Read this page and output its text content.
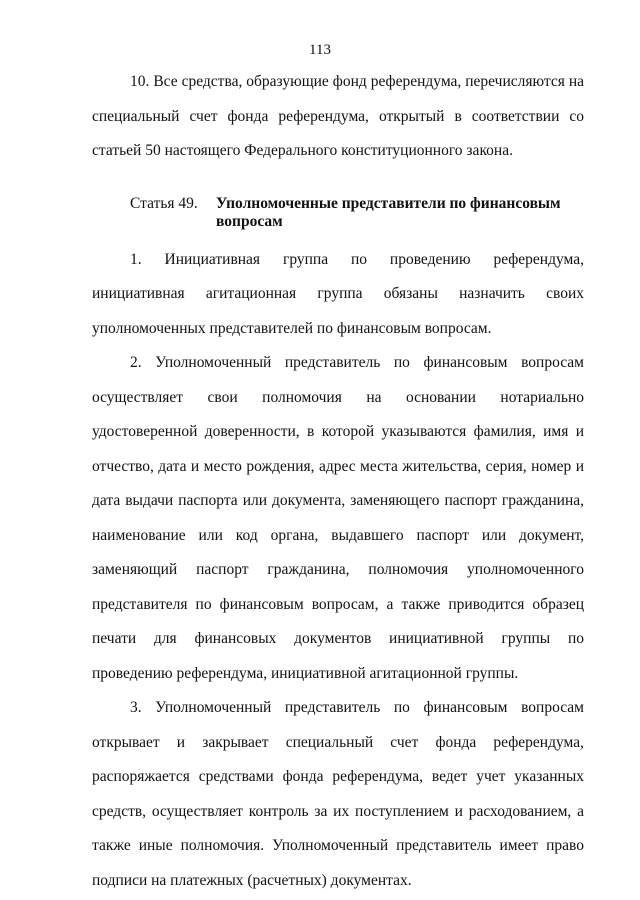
113

10. Все средства, образующие фонд референдума, перечисляются на специальный счет фонда референдума, открытый в соответствии со статьей 50 настоящего Федерального конституционного закона.

Статья 49.	Уполномоченные представители по финансовым вопросам

1. Инициативная группа по проведению референдума, инициативная агитационная группа обязаны назначить своих уполномоченных представителей по финансовым вопросам.

2. Уполномоченный представитель по финансовым вопросам осуществляет свои полномочия на основании нотариально удостоверенной доверенности, в которой указываются фамилия, имя и отчество, дата и место рождения, адрес места жительства, серия, номер и дата выдачи паспорта или документа, заменяющего паспорт гражданина, наименование или код органа, выдавшего паспорт или документ, заменяющий паспорт гражданина, полномочия уполномоченного представителя по финансовым вопросам, а также приводится образец печати для финансовых документов инициативной группы по проведению референдума, инициативной агитационной группы.

3. Уполномоченный представитель по финансовым вопросам открывает и закрывает специальный счет фонда референдума, распоряжается средствами фонда референдума, ведет учет указанных средств, осуществляет контроль за их поступлением и расходованием, а также иные полномочия. Уполномоченный представитель имеет право подписи на платежных (расчетных) документах.
